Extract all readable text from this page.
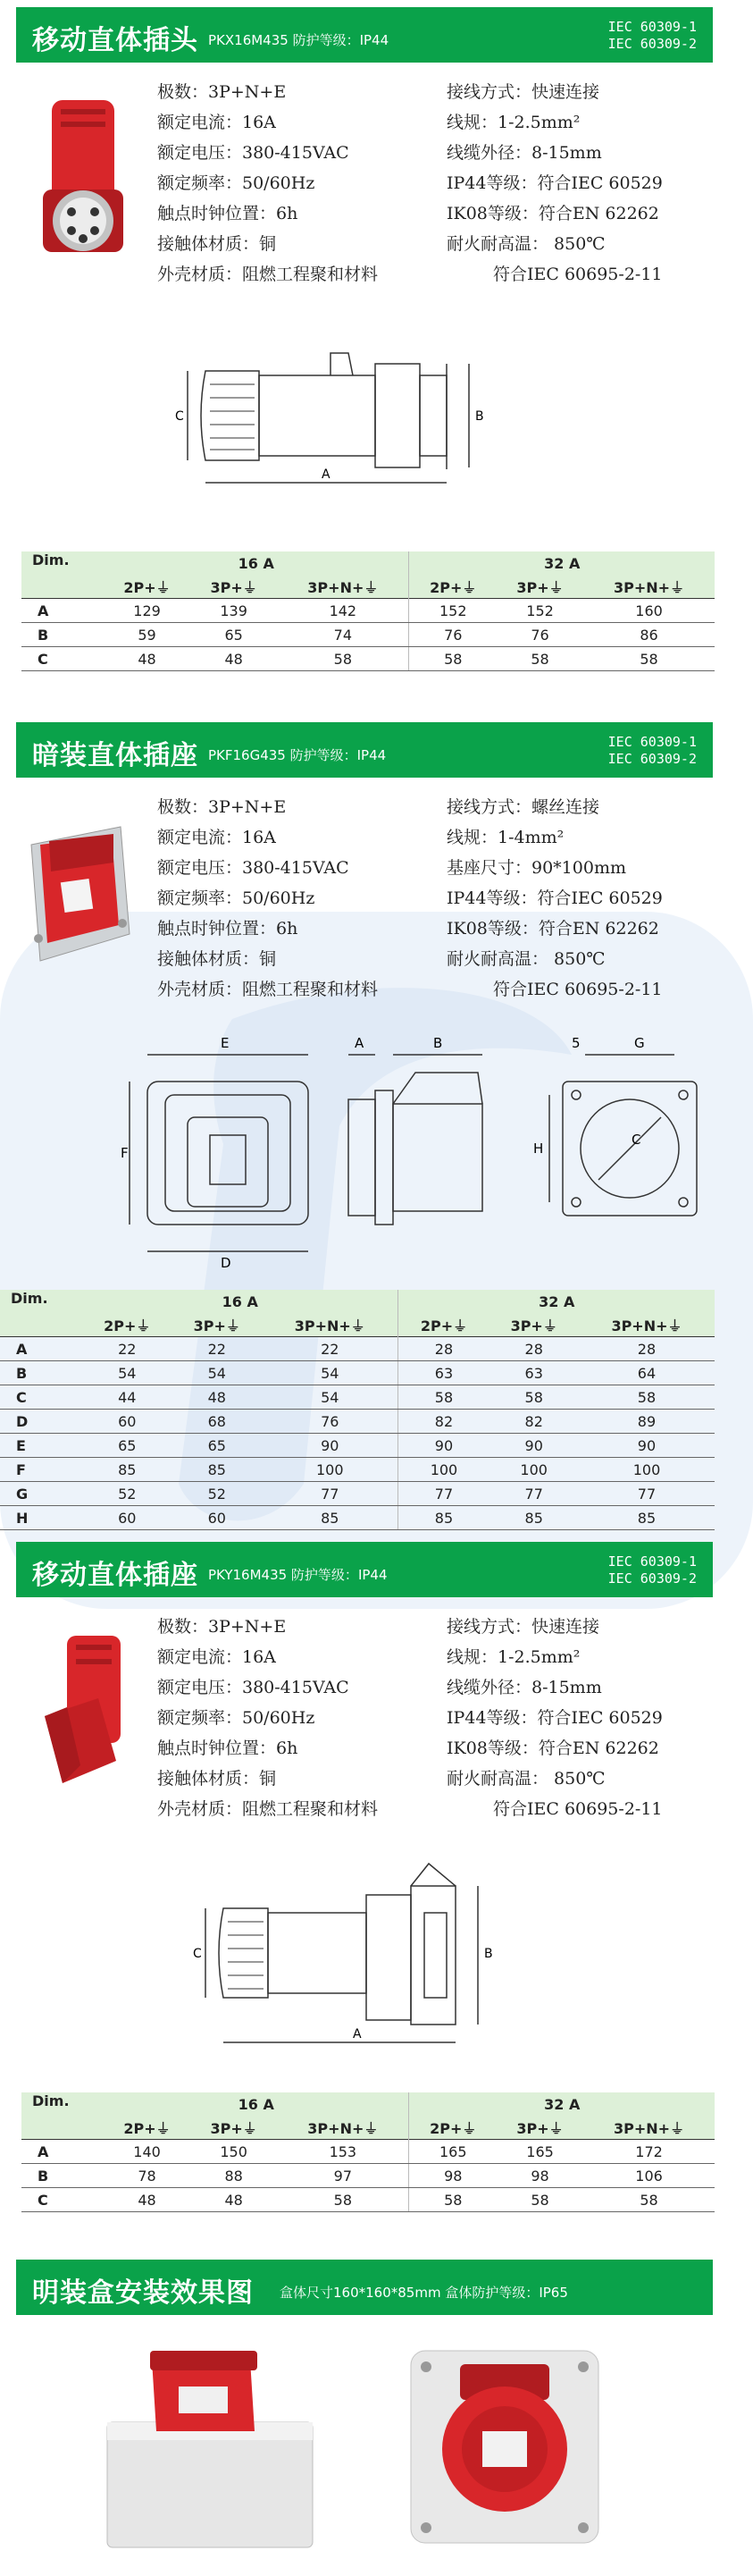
移动直体插头 PKX16M435 防护等级：IP44
IEC 60309-1
IEC 60309-2
极数：3P+N+E
额定电流：16A
额定电压：380-415VAC
额定频率：50/60Hz
触点时钟位置：6h
接触体材质：铜
外壳材质：阻燃工程聚和材料
接线方式：快速连接
线规：1-2.5mm²
线缆外径：8-15mm
IP44等级：符合IEC 60529
IK08等级：符合EN 62262
耐火耐高温： 850℃
符合IEC 60695-2-11
C	B
A
Dim.	16 A			32 A		
	2P+⏚	3P+⏚	3P+N+⏚	2P+⏚	3P+⏚	3P+N+⏚
A	129	139	142	152	152	160
B	59	65	74	76	76	86
C	48	48	58	58	58	58
暗装直体插座 PKF16G435 防护等级：IP44
IEC 60309-1
IEC 60309-2
极数：3P+N+E
额定电流：16A
额定电压：380-415VAC
额定频率：50/60Hz
触点时钟位置：6h
接触体材质：铜
外壳材质：阻燃工程聚和材料
接线方式：螺丝连接
线规：1-4mm²
基座尺寸：90*100mm
IP44等级：符合IEC 60529
IK08等级：符合EN 62262
耐火耐高温： 850℃
符合IEC 60695-2-11
E
F
D
A	B	5	G
H
C
Dim.	16 A			32 A		
	2P+⏚	3P+⏚	3P+N+⏚	2P+⏚	3P+⏚	3P+N+⏚
A	22	22	22	28	28	28
B	54	54	54	63	63	64
C	44	48	54	58	58	58
D	60	68	76	82	82	89
E	65	65	90	90	90	90
F	85	85	100	100	100	100
G	52	52	77	77	77	77
H	60	60	85	85	85	85
移动直体插座 PKY16M435 防护等级：IP44
IEC 60309-1
IEC 60309-2
极数：3P+N+E
额定电流：16A
额定电压：380-415VAC
额定频率：50/60Hz
触点时钟位置：6h
接触体材质：铜
外壳材质：阻燃工程聚和材料
接线方式：快速连接
线规：1-2.5mm²
线缆外径：8-15mm
IP44等级：符合IEC 60529
IK08等级：符合EN 62262
耐火耐高温： 850℃
符合IEC 60695-2-11
C	B
A
Dim.	16 A			32 A		
	2P+⏚	3P+⏚	3P+N+⏚	2P+⏚	3P+⏚	3P+N+⏚
A	140	150	153	165	165	172
B	78	88	97	98	98	106
C	48	48	58	58	58	58
明装盒安装效果图 盒体尺寸160*160*85mm 盒体防护等级：IP65
